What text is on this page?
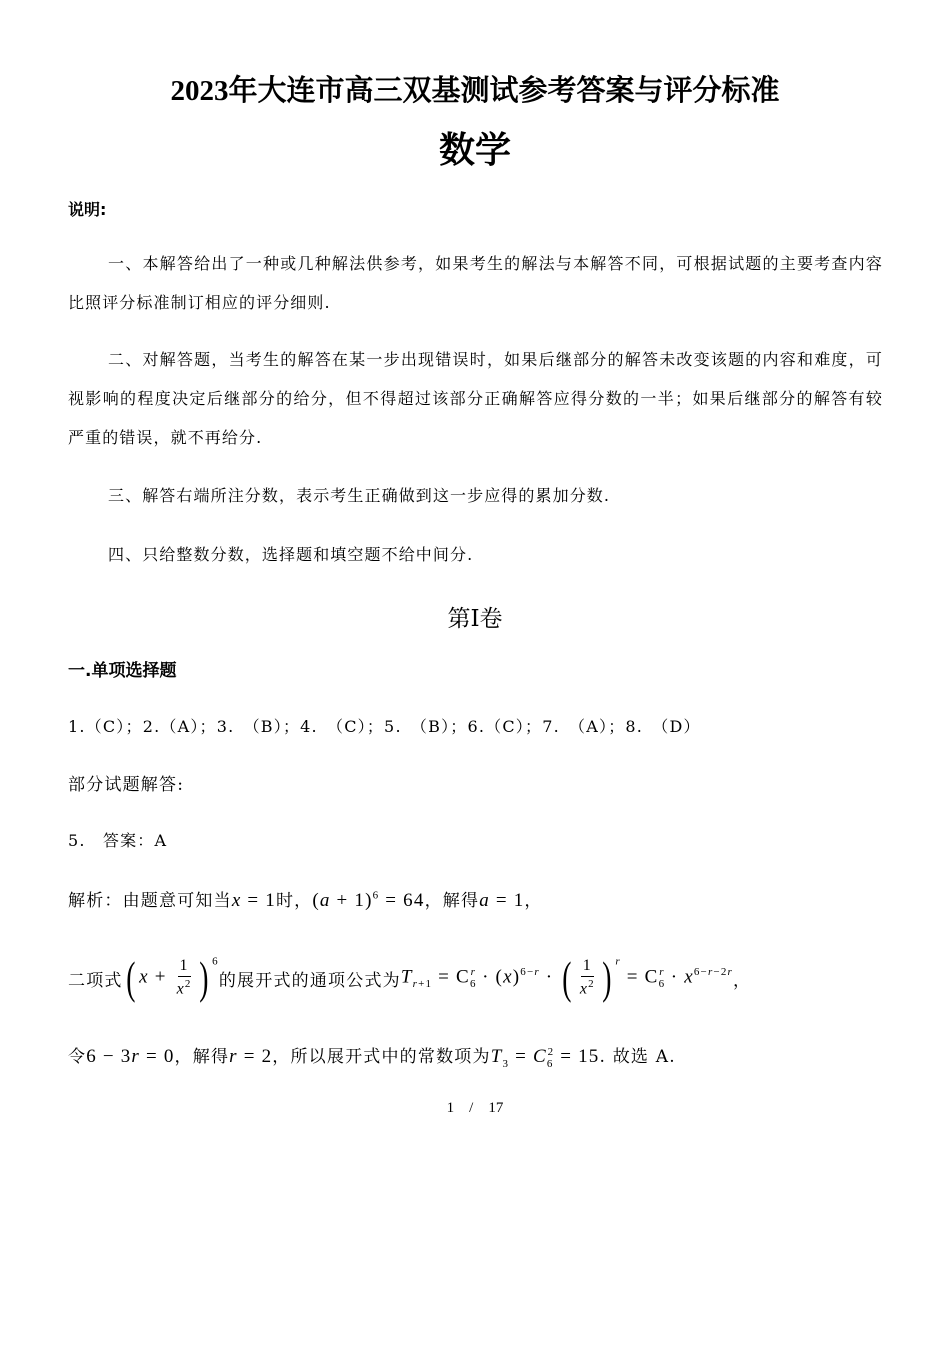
2023年大连市高三双基测试参考答案与评分标准
数学
说明:
一、本解答给出了一种或几种解法供参考，如果考生的解法与本解答不同，可根据试题的主要考查内容比照评分标准制订相应的评分细则.
二、对解答题，当考生的解答在某一步出现错误时，如果后继部分的解答未改变该题的内容和难度，可视影响的程度决定后继部分的给分，但不得超过该部分正确解答应得分数的一半；如果后继部分的解答有较严重的错误，就不再给分.
三、解答右端所注分数，表示考生正确做到这一步应得的累加分数.
四、只给整数分数，选择题和填空题不给中间分.
第Ⅰ卷
一.单项选择题
1.（C）；2.（A）；3.　（B）；4.　（C）；5.　（B）；6.（C）；7.　（A）；8.　（D）
部分试题解答:
5.　答案：A
解析：由题意可知当x = 1时，$(a + 1)^6 = 64$，解得a = 1，
二项式 ( $x + \frac{1}{x^2}$ ) $^6$
的展开式的通项公式为 $T_{r+1} = C_6^r \cdot (x)^{6-r}$ · ( $\frac{1}{x^2}$ ) $^r = C_6^r \cdot x^{6-r-2r}$ ，
令6 − 3r = 0，解得r = 2，所以展开式中的常数项为$T_3 = C_6^2 = 15$. 故选 A.
1　/　17
